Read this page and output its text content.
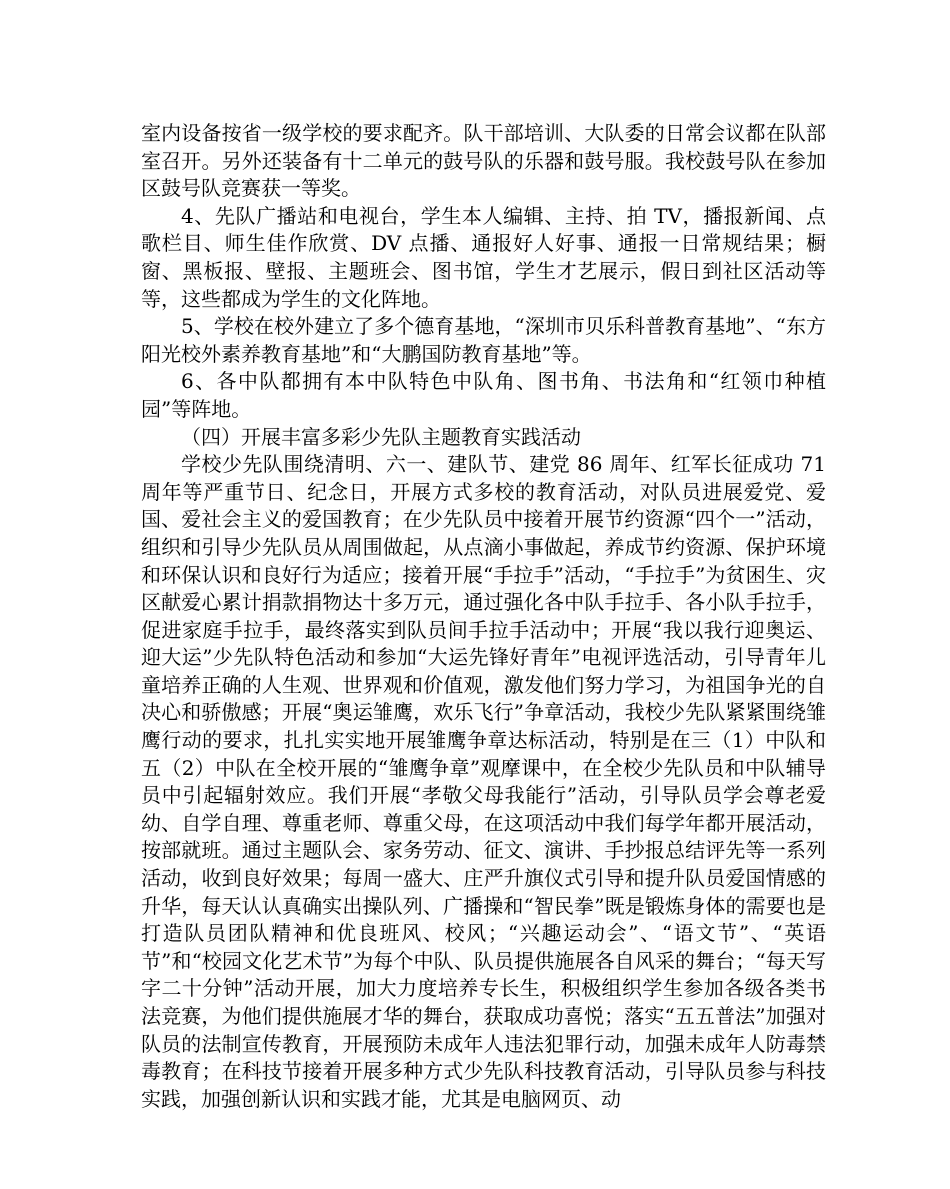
室内设备按省一级学校的要求配齐。队干部培训、大队委的日常会议都在队部室召开。另外还装备有十二单元的鼓号队的乐器和鼓号服。我校鼓号队在参加区鼓号队竞赛获一等奖。

4、先队广播站和电视台，学生本人编辑、主持、拍 TV，播报新闻、点歌栏目、师生佳作欣赏、DV 点播、通报好人好事、通报一日常规结果；橱窗、黑板报、壁报、主题班会、图书馆，学生才艺展示，假日到社区活动等等，这些都成为学生的文化阵地。

5、学校在校外建立了多个德育基地，“深圳市贝乐科普教育基地”、“东方阳光校外素养教育基地”和“大鹏国防教育基地”等。

6、各中队都拥有本中队特色中队角、图书角、书法角和“红领巾种植园”等阵地。

（四）开展丰富多彩少先队主题教育实践活动

学校少先队围绕清明、六一、建队节、建党 86 周年、红军长征成功 71 周年等严重节日、纪念日，开展方式多校的教育活动，对队员进展爱党、爱国、爱社会主义的爱国教育；在少先队员中接着开展节约资源“四个一”活动，组织和引导少先队员从周围做起，从点滴小事做起，养成节约资源、保护环境和环保认识和良好行为适应；接着开展“手拉手”活动，“手拉手”为贫困生、灾区献爱心累计捐款捐物达十多万元，通过强化各中队手拉手、各小队手拉手，促进家庭手拉手，最终落实到队员间手拉手活动中；开展“我以我行迎奥运、迎大运”少先队特色活动和参加“大运先锋好青年”电视评选活动，引导青年儿童培养正确的人生观、世界观和价值观，激发他们努力学习，为祖国争光的自决心和骄傲感；开展“奥运雏鹰，欢乐飞行”争章活动，我校少先队紧紧围绕雏鹰行动的要求，扎扎实实地开展雏鹰争章达标活动，特别是在三（1）中队和五（2）中队在全校开展的“雏鹰争章”观摩课中，在全校少先队员和中队辅导员中引起辐射效应。我们开展“孝敬父母我能行”活动，引导队员学会尊老爱幼、自学自理、尊重老师、尊重父母，在这项活动中我们每学年都开展活动，按部就班。通过主题队会、家务劳动、征文、演讲、手抄报总结评先等一系列活动，收到良好效果；每周一盛大、庄严升旗仪式引导和提升队员爱国情感的升华，每天认认真确实出操队列、广播操和“智民拳”既是锻炼身体的需要也是打造队员团队精神和优良班风、校风；“兴趣运动会”、“语文节”、“英语节”和“校园文化艺术节”为每个中队、队员提供施展各自风采的舞台；“每天写字二十分钟”活动开展，加大力度培养专长生，积极组织学生参加各级各类书法竞赛，为他们提供施展才华的舞台，获取成功喜悦；落实“五五普法”加强对队员的法制宣传教育，开展预防未成年人违法犯罪行动，加强未成年人防毒禁毒教育；在科技节接着开展多种方式少先队科技教育活动，引导队员参与科技实践，加强创新认识和实践才能，尤其是电脑网页、动
